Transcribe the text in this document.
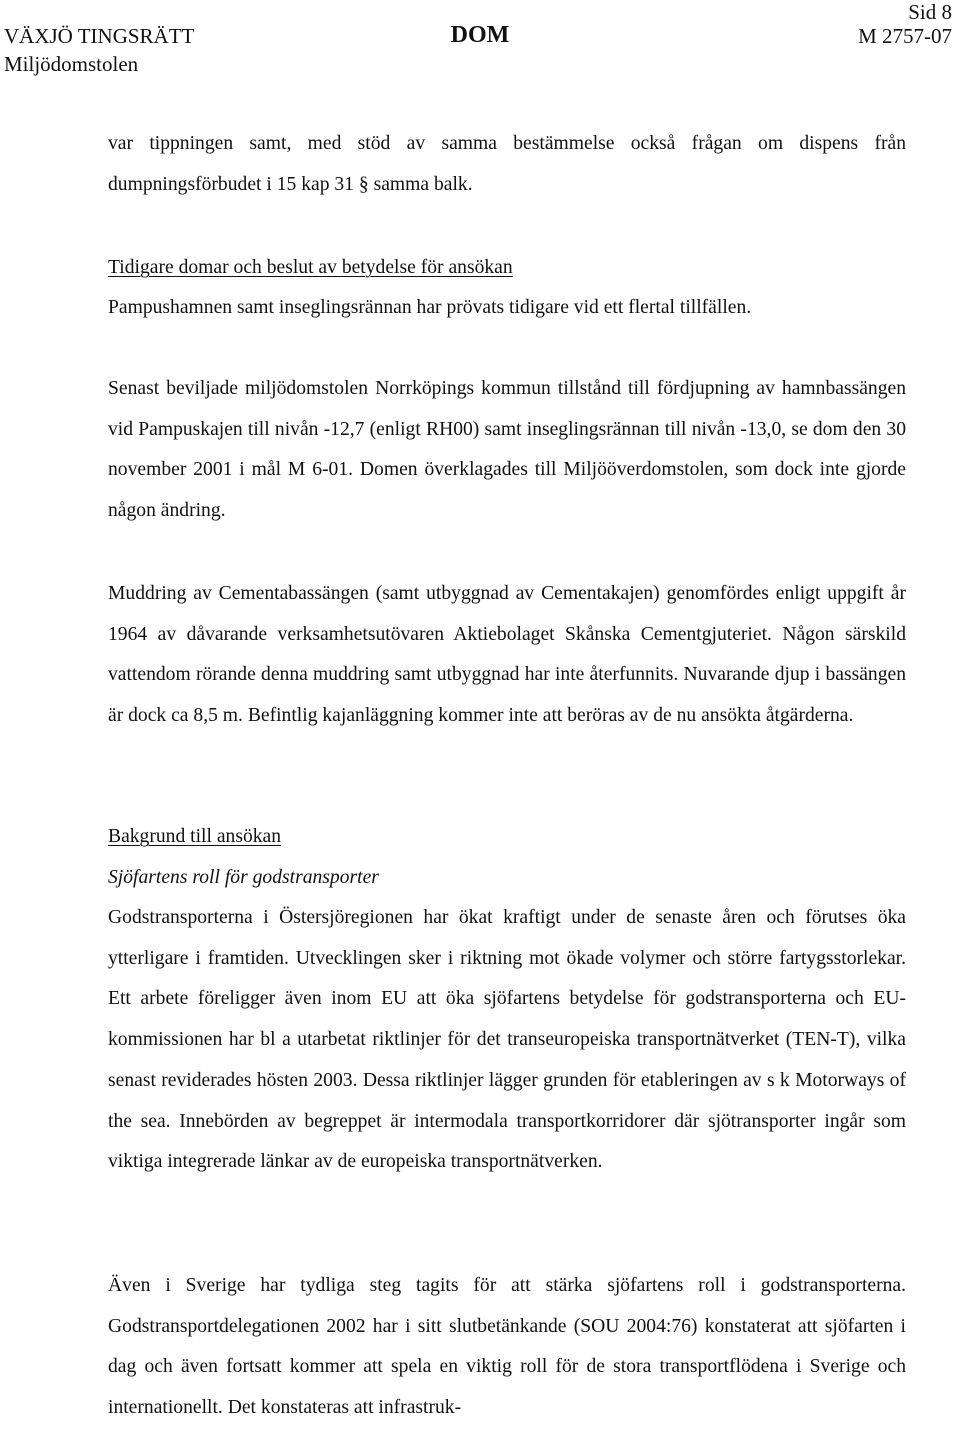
VÄXJÖ TINGSRÄTT
Miljödomstolen
DOM
Sid 8
M 2757-07

var tippningen samt, med stöd av samma bestämmelse också frågan om dispens från dumpningsförbudet i 15 kap 31 § samma balk.

Tidigare domar och beslut av betydelse för ansökan

Pampushamnen samt inseglingsrännan har prövats tidigare vid ett flertal tillfällen.

Senast beviljade miljödomstolen Norrköpings kommun tillstånd till fördjupning av hamnbassängen vid Pampuskajen till nivån -12,7 (enligt RH00) samt inseglingsrännan till nivån -13,0, se dom den 30 november 2001 i mål M 6-01. Domen överklagades till Miljööverdomstolen, som dock inte gjorde någon ändring.

Muddring av Cementabassängen (samt utbyggnad av Cementakajen) genomfördes enligt uppgift år 1964 av dåvarande verksamhetsutövaren Aktiebolaget Skånska Cementgjuteriet. Någon särskild vattendom rörande denna muddring samt utbyggnad har inte återfunnits. Nuvarande djup i bassängen är dock ca 8,5 m. Befintlig kajanläggning kommer inte att beröras av de nu ansökta åtgärderna.

Bakgrund till ansökan
Sjöfartens roll för godstransporter

Godstransporterna i Östersjöregionen har ökat kraftigt under de senaste åren och förutses öka ytterligare i framtiden. Utvecklingen sker i riktning mot ökade volymer och större fartygsstorlekar. Ett arbete föreligger även inom EU att öka sjöfartens betydelse för godstransporterna och EU-kommissionen har bl a utarbetat riktlinjer för det transeuropeiska transportnätverket (TEN-T), vilka senast reviderades hösten 2003. Dessa riktlinjer lägger grunden för etableringen av s k Motorways of the sea. Innebörden av begreppet är intermodala transportkorridorer där sjötransporter ingår som viktiga integrerade länkar av de europeiska transportnätverken.

Även i Sverige har tydliga steg tagits för att stärka sjöfartens roll i godstransporterna. Godstransportdelegationen 2002 har i sitt slutbetänkande (SOU 2004:76) konstaterat att sjöfarten i dag och även fortsatt kommer att spela en viktig roll för de stora transportflödena i Sverige och internationellt. Det konstateras att infrastruk-
